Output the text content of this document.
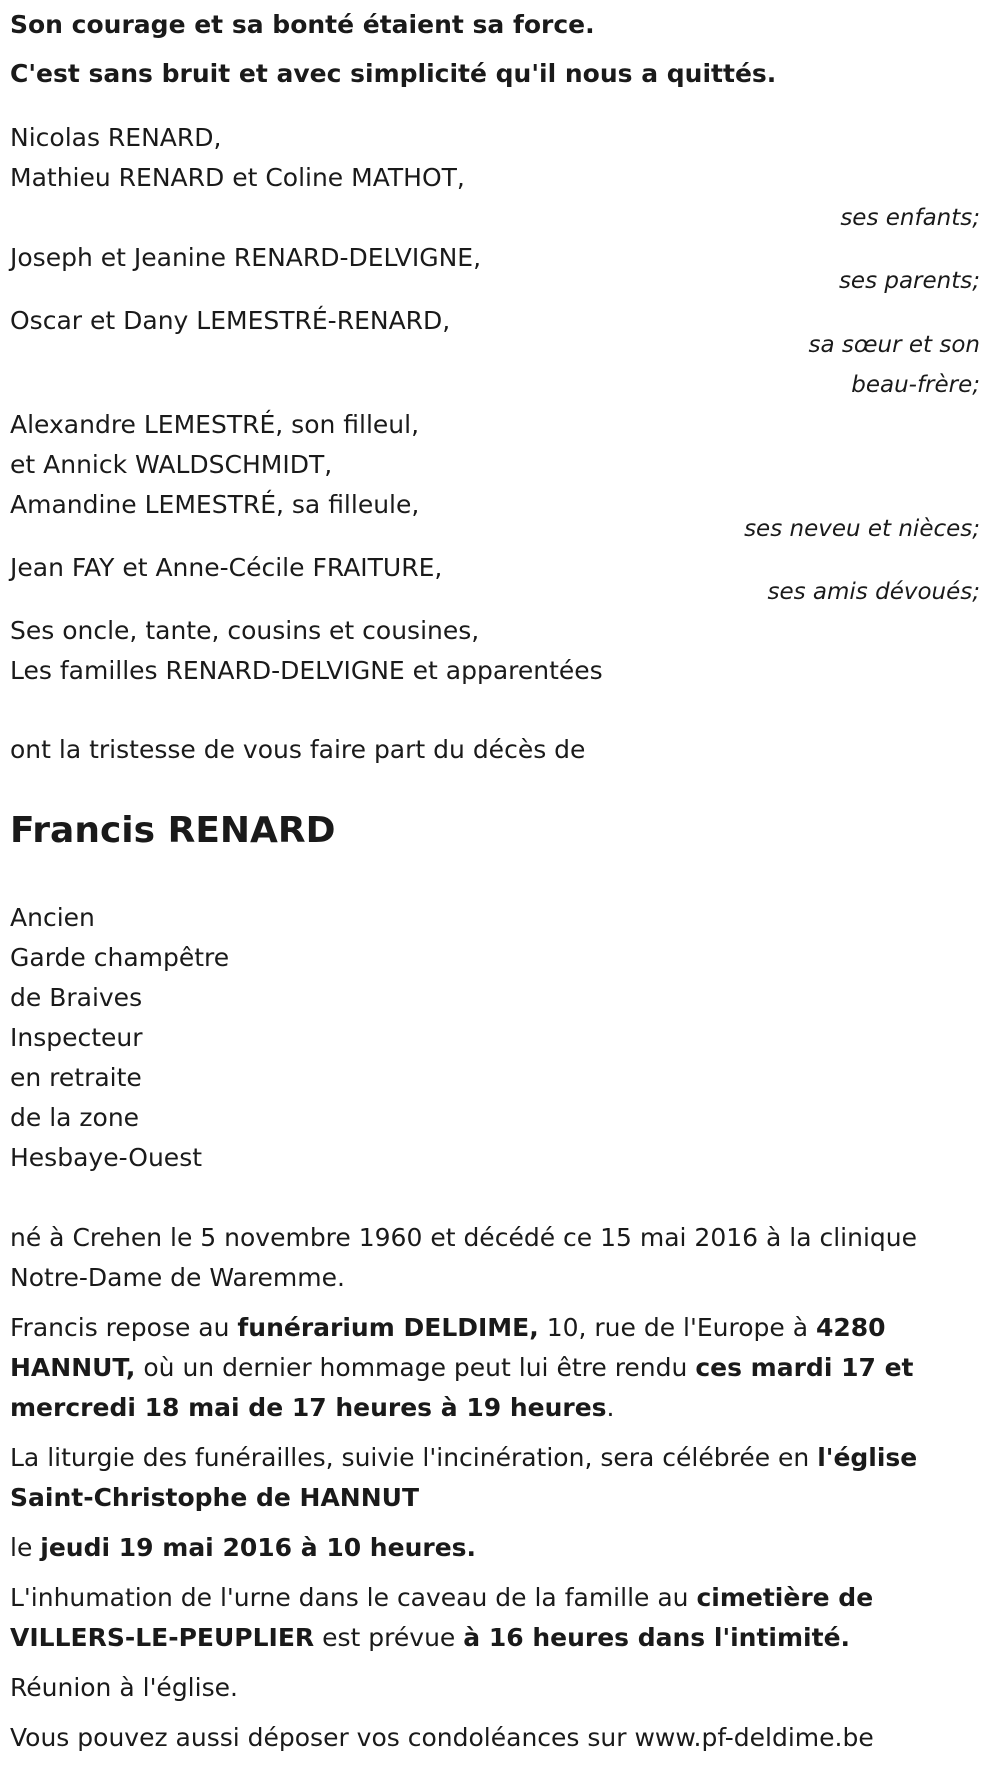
Son courage et sa bonté étaient sa force.
C'est sans bruit et avec simplicité qu'il nous a quittés.
Nicolas RENARD,
Mathieu RENARD et Coline MATHOT,
ses enfants;
Joseph et Jeanine RENARD-DELVIGNE,
ses parents;
Oscar et Dany LEMESTRÉ-RENARD,
sa sœur et son
beau-frère;
Alexandre LEMESTRÉ, son filleul,
et Annick WALDSCHMIDT,
Amandine LEMESTRÉ, sa filleule,
ses neveu et nièces;
Jean FAY et Anne-Cécile FRAITURE,
ses amis dévoués;
Ses oncle, tante, cousins et cousines,
Les familles RENARD-DELVIGNE et apparentées
ont la tristesse de vous faire part du décès de
Francis RENARD
Ancien
Garde champêtre
de Braives
Inspecteur
en retraite
de la zone
Hesbaye-Ouest
né à Crehen le 5 novembre 1960 et décédé ce 15 mai 2016 à la clinique Notre-Dame de Waremme.
Francis repose au funérarium DELDIME, 10, rue de l'Europe à 4280 HANNUT, où un dernier hommage peut lui être rendu ces mardi 17 et mercredi 18 mai de 17 heures à 19 heures.
La liturgie des funérailles, suivie l'incinération, sera célébrée en l'église Saint-Christophe de HANNUT
le jeudi 19 mai 2016 à 10 heures.
L'inhumation de l'urne dans le caveau de la famille au cimetière de VILLERS-LE-PEUPLIER est prévue à 16 heures dans l'intimité.
Réunion à l'église.
Vous pouvez aussi déposer vos condoléances sur www.pf-deldime.be
